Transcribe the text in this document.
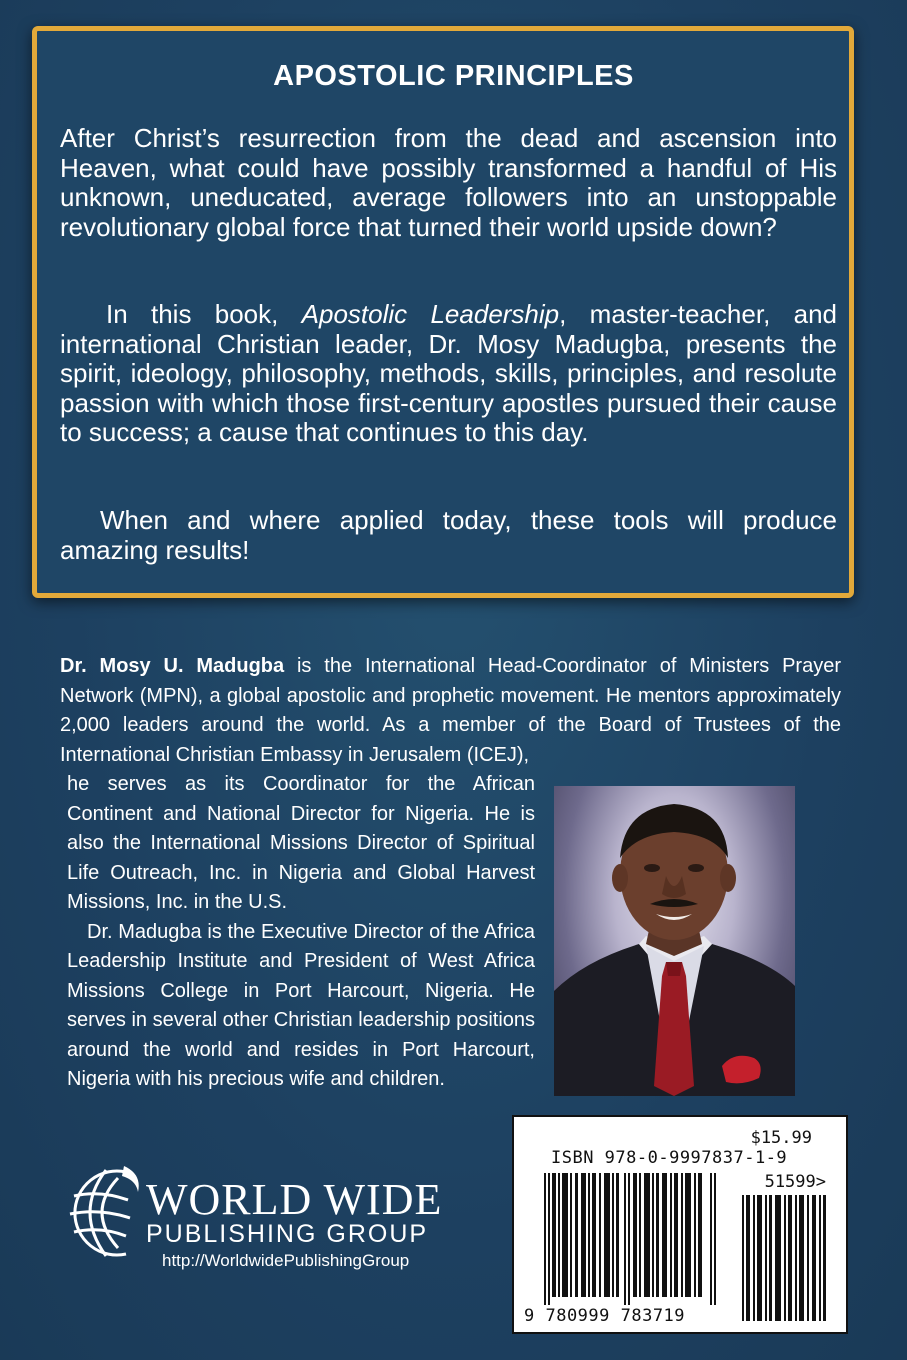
APOSTOLIC PRINCIPLES
After Christ’s resurrection from the dead and ascension into Heaven, what could have possibly transformed a handful of His unknown, uneducated, average followers into an unstoppable revolutionary global force that turned their world upside down?
In this book, Apostolic Leadership, master-teacher, and international Christian leader, Dr. Mosy Madugba, presents the spirit, ideology, philosophy, methods, skills, principles, and resolute passion with which those first-century apostles pursued their cause to success; a cause that continues to this day.
When and where applied today, these tools will produce amazing results!
Dr. Mosy U. Madugba is the International Head-Coordinator of Ministers Prayer Network (MPN), a global apostolic and prophetic movement. He mentors approximately 2,000 leaders around the world. As a member of the Board of Trustees of the International Christian Embassy in Jerusalem (ICEJ),

he serves as its Coordinator for the African Continent and National Director for Nigeria. He is also the International Missions Director of Spiritual Life Outreach, Inc. in Nigeria and Global Harvest Missions, Inc. in the U.S.

Dr. Madugba is the Executive Director of the Africa Leadership Institute and President of West Africa Missions College in Port Harcourt, Nigeria. He serves in several other Christian leadership positions around the world and resides in Port Harcourt, Nigeria with his precious wife and children.

$15.99
ISBN 978-0-9997837-1-9
51599>
9 780999 783719
WORLD WIDE
PUBLISHING GROUP
http://WorldwidePublishingGroup
